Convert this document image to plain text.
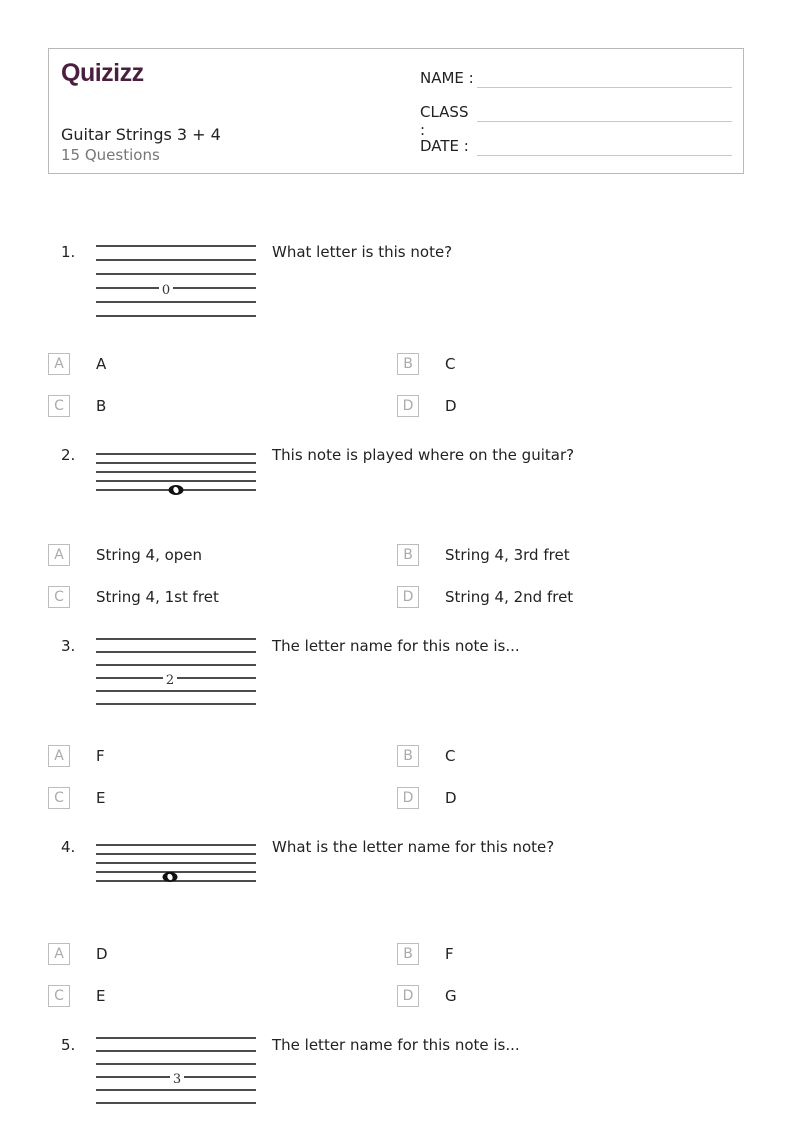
Quizizz
Guitar Strings 3 + 4
15 Questions
NAME :
CLASS :
DATE :
1.
0
What letter is this note?
A	A	B	C
C	B	D	D
2.	This note is played where on the guitar?
A	String 4, open	B	String 4, 3rd fret
C	String 4, 1st fret	D	String 4, 2nd fret
3.
2
The letter name for this note is...
A	F	B	C
C	E	D	D
4.	What is the letter name for this note?
A	D	B	F
C	E	D	G
5.
3
The letter name for this note is...
